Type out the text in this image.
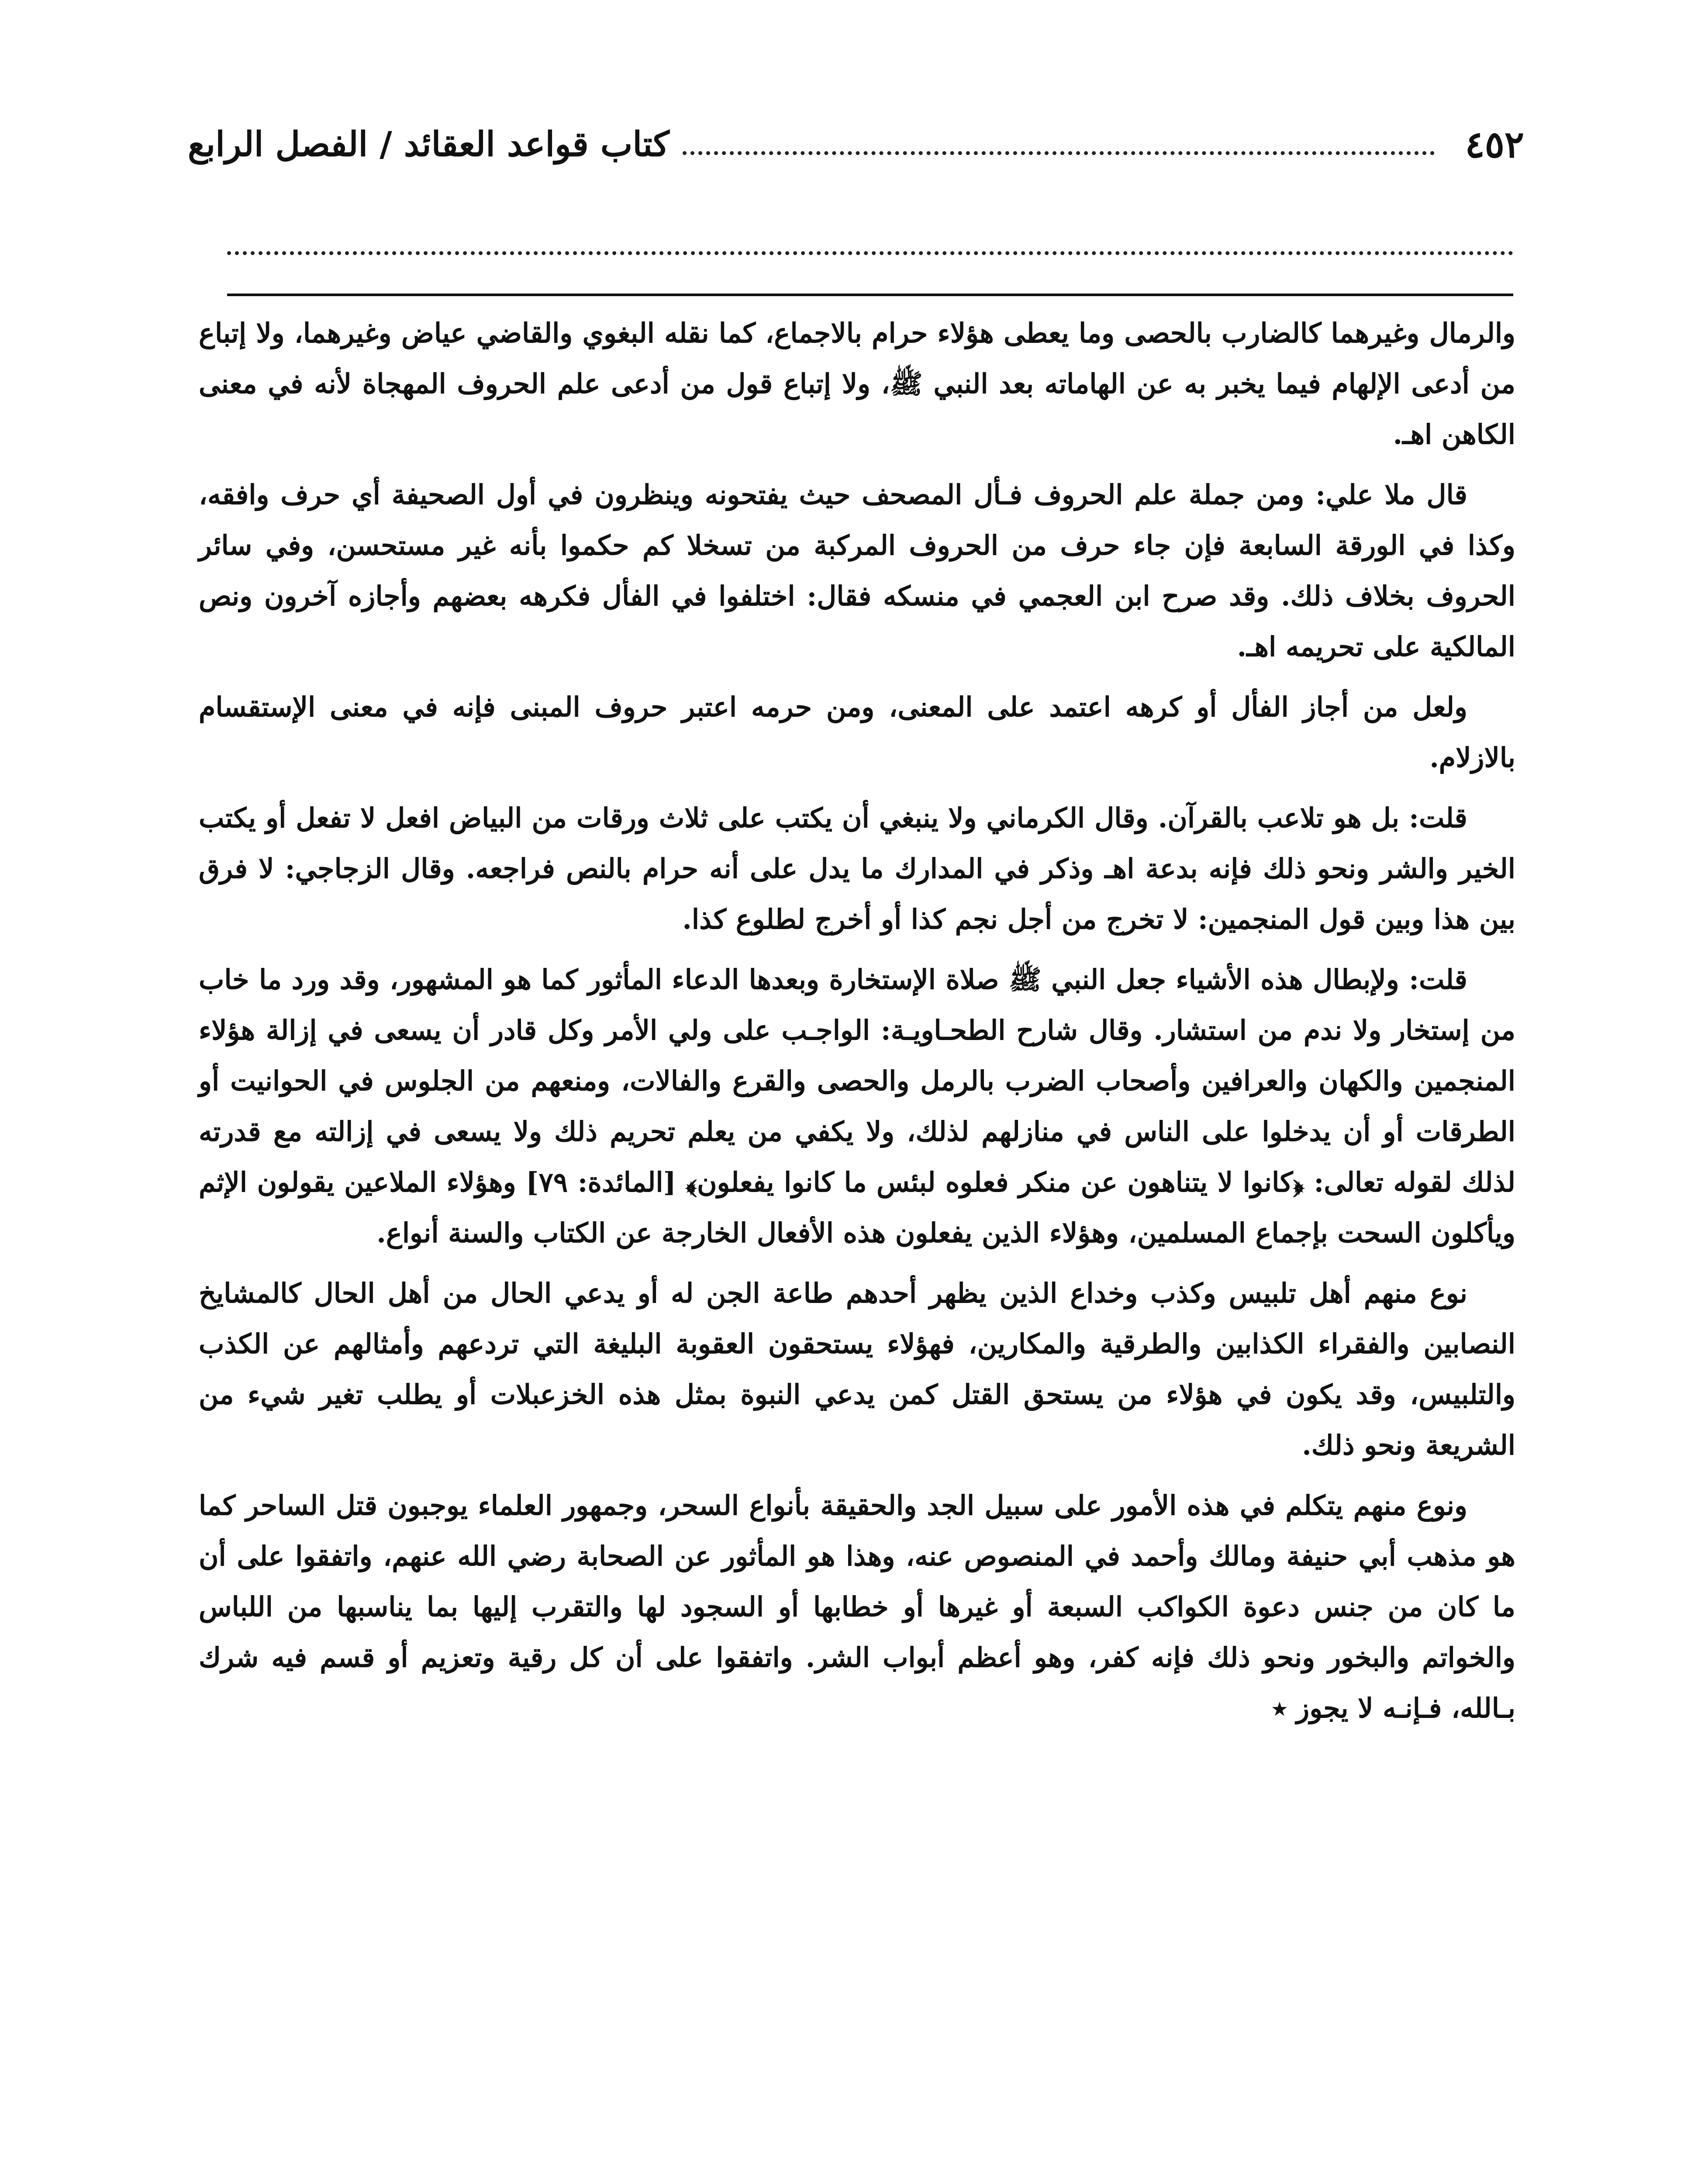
٤٥٢
كتاب قواعد العقائد / الفصل الرابع

والرمال وغيرهما كالضارب بالحصى وما يعطى هؤلاء حرام بالاجماع، كما نقله البغوي والقاضي عياض وغيرهما، ولا إتباع من أدعى الإلهام فيما يخبر به عن الهاماته بعد النبي ﷺ، ولا إتباع قول من أدعى علم الحروف المهجاة لأنه في معنى الكاهن اهـ.

قال ملا علي: ومن جملة علم الحروف فـأل المصحف حيث يفتحونه وينظرون في أول الصحيفة أي حرف وافقه، وكذا في الورقة السابعة فإن جاء حرف من الحروف المركبة من تسخلا كم حكموا بأنه غير مستحسن، وفي سائر الحروف بخلاف ذلك. وقد صرح ابن العجمي في منسكه فقال: اختلفوا في الفأل فكرهه بعضهم وأجازه آخرون ونص المالكية على تحريمه اهـ.

ولعل من أجاز الفأل أو كرهه اعتمد على المعنى، ومن حرمه اعتبر حروف المبنى فإنه في معنى الإستقسام بالازلام.

قلت: بل هو تلاعب بالقرآن. وقال الكرماني ولا ينبغي أن يكتب على ثلاث ورقات من البياض افعل لا تفعل أو يكتب الخير والشر ونحو ذلك فإنه بدعة اهـ وذكر في المدارك ما يدل على أنه حرام بالنص فراجعه. وقال الزجاجي: لا فرق بين هذا وبين قول المنجمين: لا تخرج من أجل نجم كذا أو أخرج لطلوع كذا.

قلت: ولإبطال هذه الأشياء جعل النبي ﷺ صلاة الإستخارة وبعدها الدعاء المأثور كما هو المشهور، وقد ورد ما خاب من إستخار ولا ندم من استشار. وقال شارح الطحـاويـة: الواجـب على ولي الأمر وكل قادر أن يسعى في إزالة هؤلاء المنجمين والكهان والعرافين وأصحاب الضرب بالرمل والحصى والقرع والفالات، ومنعهم من الجلوس في الحوانيت أو الطرقات أو أن يدخلوا على الناس في منازلهم لذلك، ولا يكفي من يعلم تحريم ذلك ولا يسعى في إزالته مع قدرته لذلك لقوله تعالى: ﴿كانوا لا يتناهون عن منكر فعلوه لبئس ما كانوا يفعلون﴾ [المائدة: ٧٩] وهؤلاء الملاعين يقولون الإثم ويأكلون السحت بإجماع المسلمين، وهؤلاء الذين يفعلون هذه الأفعال الخارجة عن الكتاب والسنة أنواع.

نوع منهم أهل تلبيس وكذب وخداع الذين يظهر أحدهم طاعة الجن له أو يدعي الحال من أهل الحال كالمشايخ النصابين والفقراء الكذابين والطرقية والمكارين، فهؤلاء يستحقون العقوبة البليغة التي تردعهم وأمثالهم عن الكذب والتلبيس، وقد يكون في هؤلاء من يستحق القتل كمن يدعي النبوة بمثل هذه الخزعبلات أو يطلب تغير شيء من الشريعة ونحو ذلك.

ونوع منهم يتكلم في هذه الأمور على سبيل الجد والحقيقة بأنواع السحر، وجمهور العلماء يوجبون قتل الساحر كما هو مذهب أبي حنيفة ومالك وأحمد في المنصوص عنه، وهذا هو المأثور عن الصحابة رضي الله عنهم، واتفقوا على أن ما كان من جنس دعوة الكواكب السبعة أو غيرها أو خطابها أو السجود لها والتقرب إليها بما يناسبها من اللباس والخواتم والبخور ونحو ذلك فإنه كفر، وهو أعظم أبواب الشر. واتفقوا على أن كل رقية وتعزيم أو قسم فيه شرك بـالله، فـإنـه لا يجوز ٭
